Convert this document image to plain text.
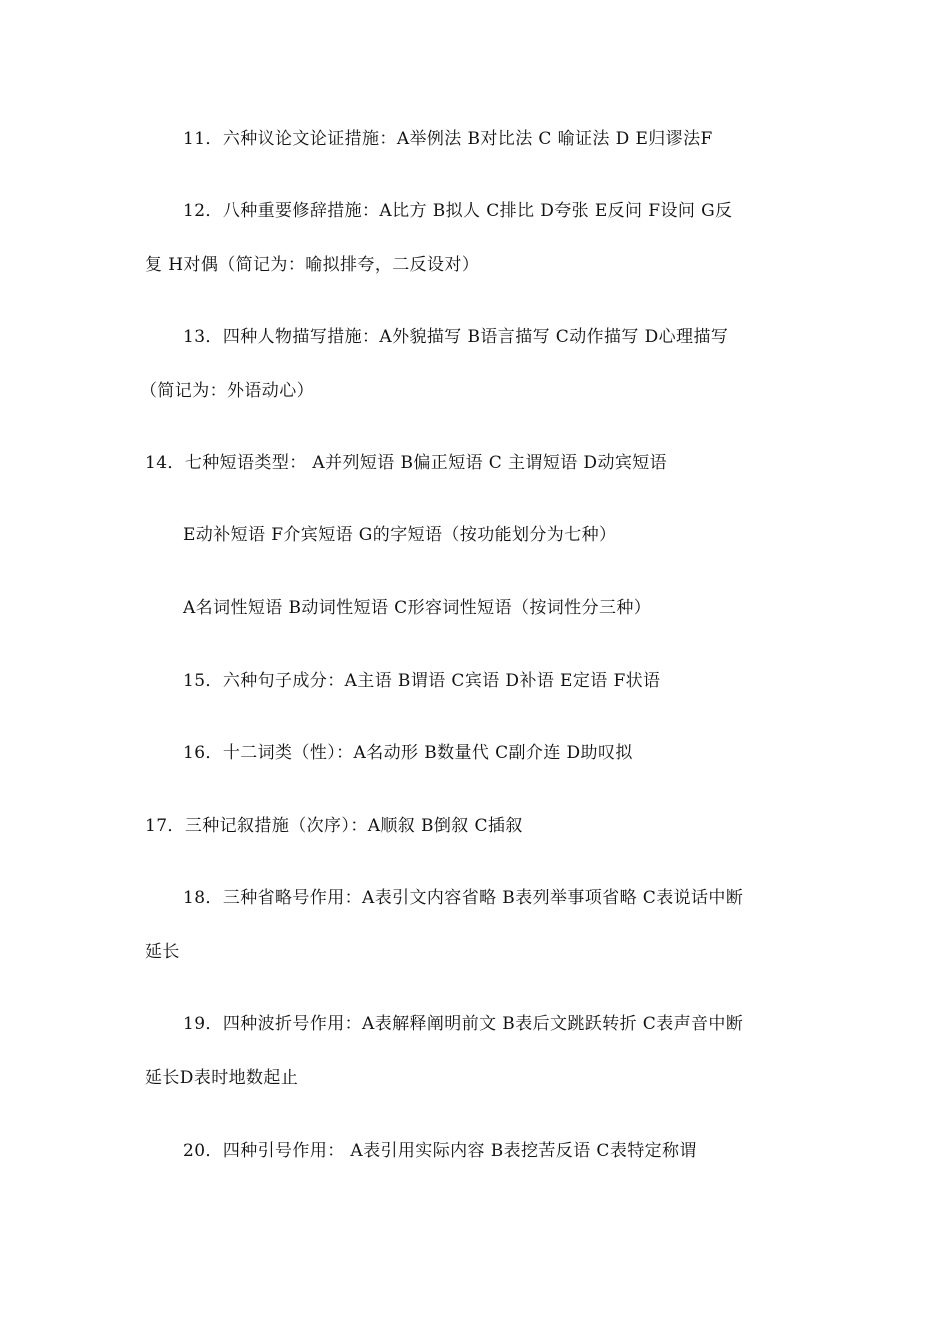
11．六种议论文论证措施：A举例法 B对比法 C 喻证法 D E归谬法F
12．八种重要修辞措施：A比方 B拟人 C排比 D夸张 E反问 F设问 G反
复 H对偶（简记为：喻拟排夸，二反设对）
13．四种人物描写措施：A外貌描写 B语言描写 C动作描写 D心理描写
（简记为：外语动心）
14．七种短语类型： A并列短语 B偏正短语 C 主谓短语 D动宾短语
E动补短语 F介宾短语 G的字短语（按功能划分为七种）
A名词性短语 B动词性短语 C形容词性短语（按词性分三种）
15．六种句子成分：A主语 B谓语 C宾语 D补语 E定语 F状语
16．十二词类（性）：A名动形 B数量代 C副介连 D助叹拟
17．三种记叙措施（次序）：A顺叙 B倒叙 C插叙
18．三种省略号作用：A表引文内容省略 B表列举事项省略 C表说话中断
延长
19．四种波折号作用：A表解释阐明前文 B表后文跳跃转折 C表声音中断
延长D表时地数起止
20．四种引号作用： A表引用实际内容 B表挖苦反语 C表特定称谓
